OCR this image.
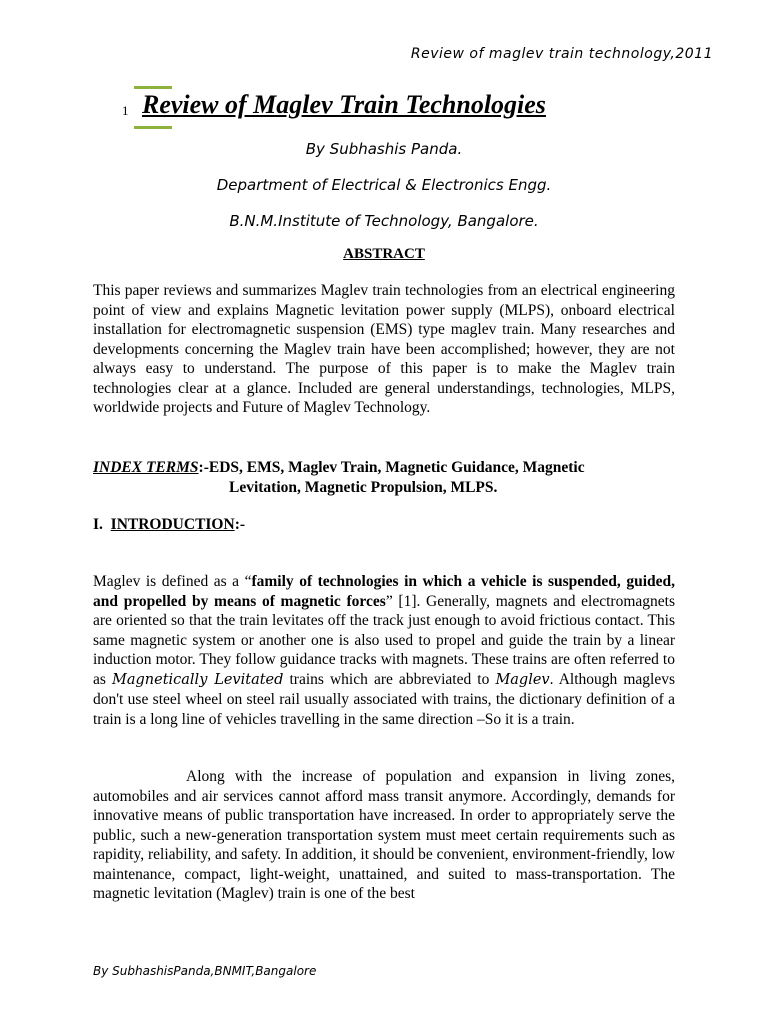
Review of maglev train technology,2011
1 Review of Maglev Train Technologies
By Subhashis Panda.
Department of Electrical & Electronics Engg.
B.N.M.Institute of Technology, Bangalore.
ABSTRACT
This paper reviews and summarizes Maglev train technologies from an electrical engineering point of view and explains Magnetic levitation power supply (MLPS), onboard electrical installation for electromagnetic suspension (EMS) type maglev train. Many researches and developments concerning the Maglev train have been accomplished; however, they are not always easy to understand. The purpose of this paper is to make the Maglev train technologies clear at a glance. Included are general understandings, technologies, MLPS, worldwide projects and Future of Maglev Technology.
INDEX TERMS:-EDS, EMS, Maglev Train, Magnetic Guidance, Magnetic
Levitation, Magnetic Propulsion, MLPS.
I. INTRODUCTION:-
Maglev is defined as a “family of technologies in which a vehicle is suspended, guided, and propelled by means of magnetic forces” [1]. Generally, magnets and electromagnets are oriented so that the train levitates off the track just enough to avoid frictious contact. This same magnetic system or another one is also used to propel and guide the train by a linear induction motor. They follow guidance tracks with magnets. These trains are often referred to as Magnetically Levitated trains which are abbreviated to Maglev. Although maglevs don't use steel wheel on steel rail usually associated with trains, the dictionary definition of a train is a long line of vehicles travelling in the same direction –So it is a train.
Along with the increase of population and expansion in living zones, automobiles and air services cannot afford mass transit anymore. Accordingly, demands for innovative means of public transportation have increased. In order to appropriately serve the public, such a new-generation transportation system must meet certain requirements such as rapidity, reliability, and safety. In addition, it should be convenient, environment-friendly, low maintenance, compact, light-weight, unattained, and suited to mass-transportation. The magnetic levitation (Maglev) train is one of the best
By SubhashisPanda,BNMIT,Bangalore
